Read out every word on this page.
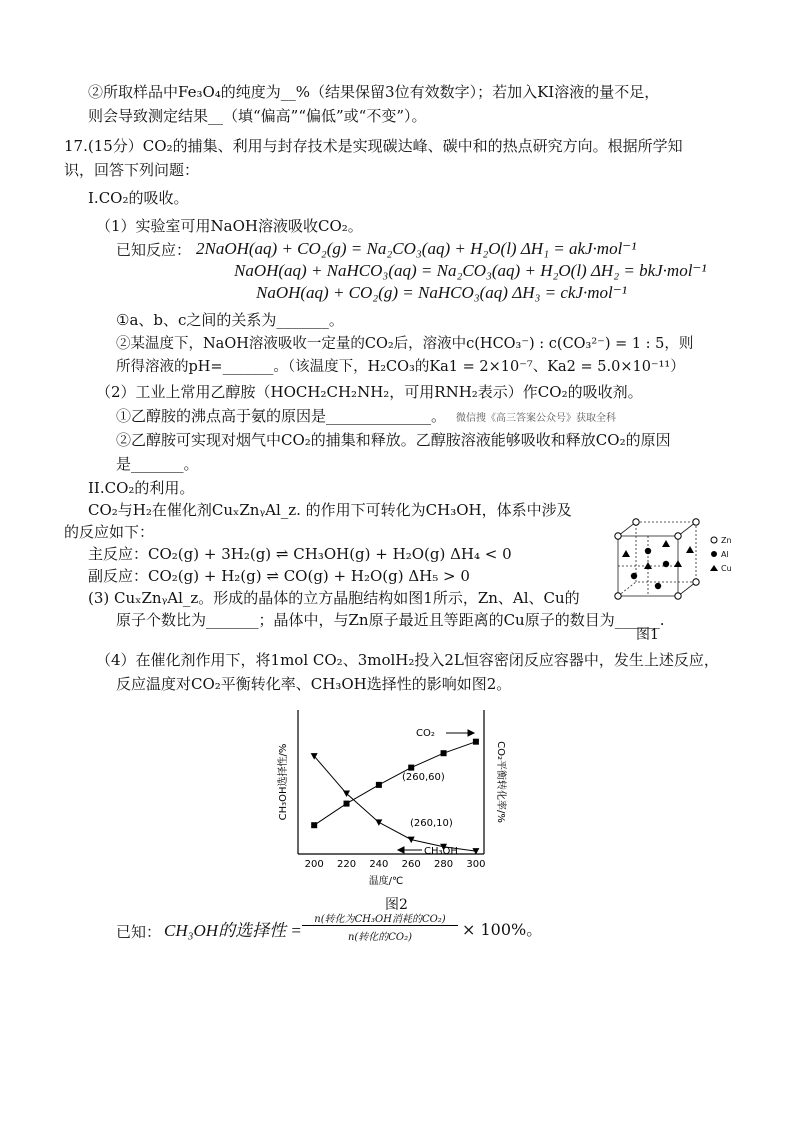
②所取样品中Fe₃O₄的纯度为__%（结果保留3位有效数字）；若加入KI溶液的量不足，
则会导致测定结果__（填“偏高”“偏低”或“不变”）。
17.(15分）CO₂的捕集、利用与封存技术是实现碳达峰、碳中和的热点研究方向。根据所学知
识，回答下列问题：
I.CO₂的吸收。
（1）实验室可用NaOH溶液吸收CO₂。
已知反应： 2NaOH(aq) + CO₂(g) = Na₂CO₃(aq) + H₂O(l) ΔH₁ = akJ·mol⁻¹
NaOH(aq) + NaHCO₃(aq) = Na₂CO₃(aq) + H₂O(l) ΔH₂ = bkJ·mol⁻¹
NaOH(aq) + CO₂(g) = NaHCO₃(aq) ΔH₃ = ckJ·mol⁻¹
①a、b、c之间的关系为_______。
②某温度下，NaOH溶液吸收一定量的CO₂后，溶液中c(HCO₃⁻) : c(CO₃²⁻) = 1 : 5，则
所得溶液的pH=_______。（该温度下，H₂CO₃的Ka1 = 2×10⁻⁷、Ka2 = 5.0×10⁻¹¹）
（2）工业上常用乙醇胺（HOCH₂CH₂NH₂，可用RNH₂表示）作CO₂的吸收剂。
①乙醇胺的沸点高于氨的原因是______________。 微信搜《高三答案公众号》获取全科
②乙醇胺可实现对烟气中CO₂的捕集和释放。乙醇胺溶液能够吸收和释放CO₂的原因
是_______。
II.CO₂的利用。
CO₂与H₂在催化剂CuₓZnᵧAl_z. 的作用下可转化为CH₃OH，体系中涉及
的反应如下：
主反应：CO₂(g) + 3H₂(g) ⇌ CH₃OH(g) + H₂O(g) ΔH₄ < 0
副反应：CO₂(g) + H₂(g) ⇌ CO(g) + H₂O(g) ΔH₅ > 0
(3) CuₓZnᵧAl_z。形成的晶体的立方晶胞结构如图1所示，Zn、Al、Cu的
原子个数比为_______；晶体中，与Zn原子最近且等距离的Cu原子的数目为______.
Zn
Al
Cu
图1
（4）在催化剂作用下，将1mol CO₂、3molH₂投入2L恒容密闭反应容器中，发生上述反应，
反应温度对CO₂平衡转化率、CH₃OH选择性的影响如图2。
CH₃OH选择性/%	CO₂平衡转化率/%
温度/℃
200 220 240 260 280 300
CO₂
CH₃OH
(260,60)
(260,10)
图2
已知： CH₃OH的选择性 =
n(转化为CH₃OH消耗的CO₂)
n(转化的CO₂)	× 100%。
